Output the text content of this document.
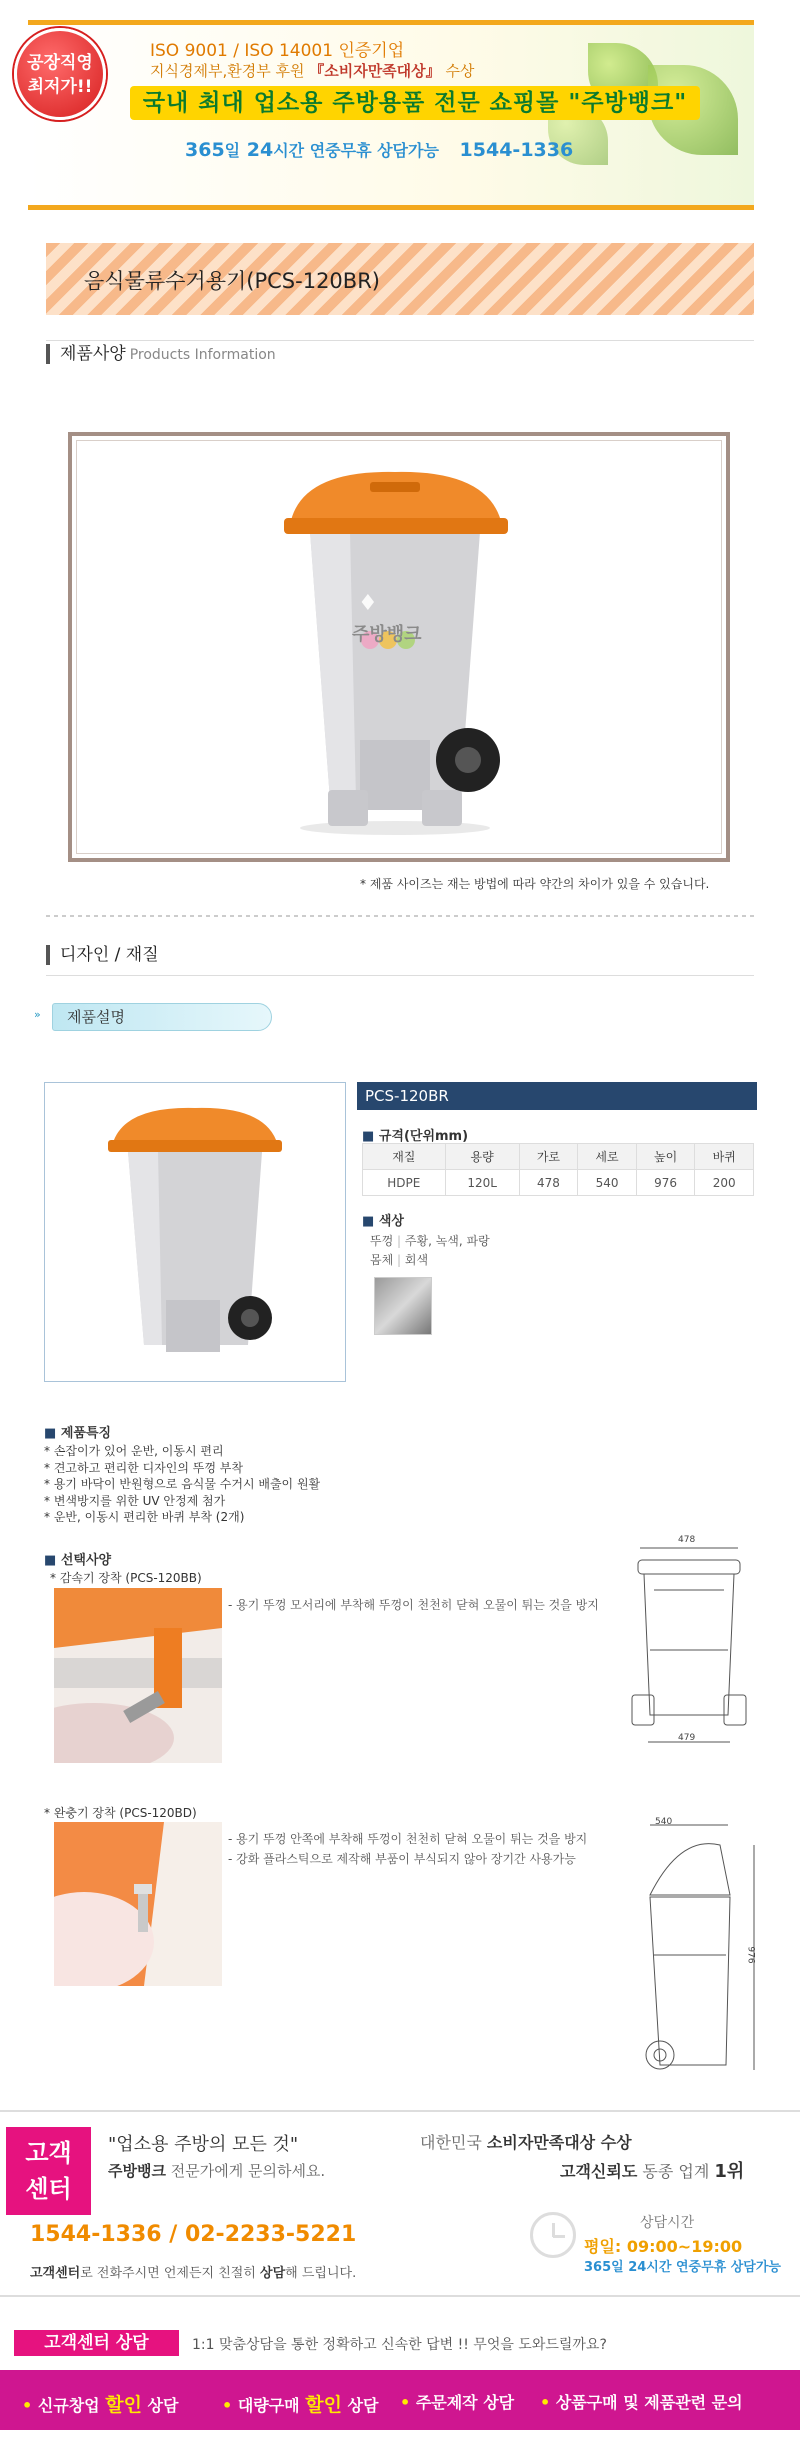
공장직영
최저가!!
ISO 9001 / ISO 14001 인증기업
지식경제부,환경부 후원 『소비자만족대상』 수상
국내 최대 업소용 주방용품 전문 쇼핑몰 "주방뱅크"
365일 24시간 연중무휴 상담가능 1544-1336
음식물류수거용기(PCS-120BR)
제품사양 Products Information
♦
주방뱅크
* 제품 사이즈는 재는 방법에 따라 약간의 차이가 있을 수 있습니다.
디자인 / 재질
»	제품설명
PCS-120BR
■ 규격(단위mm)
재질	용량	가로	세로	높이	바퀴
HDPE	120L	478	540	976	200
■ 색상
뚜껑 | 주황, 녹색, 파랑
몸체 | 회색
■ 제품특징
* 손잡이가 있어 운반, 이동시 편리
* 견고하고 편리한 디자인의 뚜껑 부착
* 용기 바닥이 반원형으로 음식물 수거시 배출이 원활
* 변색방지를 위한 UV 안정제 첨가
* 운반, 이동시 편리한 바퀴 부착 (2개)
■ 선택사양
* 감속기 장착 (PCS-120BB)
- 용기 뚜껑 모서리에 부착해 뚜껑이 천천히 닫혀 오물이 튀는 것을 방지
* 완충기 장착 (PCS-120BD)
- 용기 뚜껑 안쪽에 부착해 뚜껑이 천천히 닫혀 오물이 튀는 것을 방지
- 강화 플라스틱으로 제작해 부품이 부식되지 않아 장기간 사용가능
478
479
540
976
고객
센터
"업소용 주방의 모든 것"
주방뱅크 전문가에게 문의하세요.
대한민국 소비자만족대상 수상
고객신뢰도 동종 업계 1위
1544-1336 / 02-2233-5221
고객센터로 전화주시면 언제든지 친절히 상담해 드립니다.
상담시간
평일: 09:00~19:00
365일 24시간 연중무휴 상담가능
고객센터 상담	1:1 맞춤상담을 통한 정확하고 신속한 답변 !! 무엇을 도와드릴까요?
• 신규창업 할인 상담	• 대량구매 할인 상담 • 주문제작 상담 • 상품구매 및 제품관련 문의
